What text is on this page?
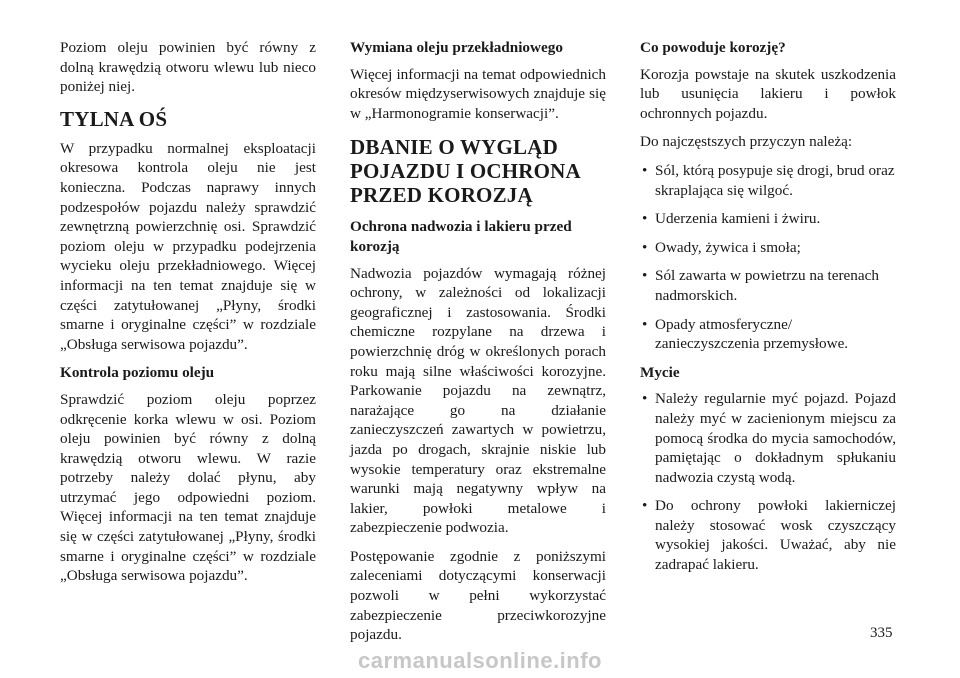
Poziom oleju powinien być równy z dolną krawędzią otworu wlewu lub nieco poniżej niej.

TYLNA OŚ

W przypadku normalnej eksploatacji okresowa kontrola oleju nie jest konieczna. Podczas naprawy innych podzespołów pojazdu należy sprawdzić zewnętrzną powierzchnię osi. Sprawdzić poziom oleju w przypadku podejrzenia wycieku oleju przekładniowego. Więcej informacji na ten temat znajduje się w części zatytułowanej „Płyny, środki smarne i oryginalne części” w rozdziale „Obsługa serwisowa pojazdu”.

Kontrola poziomu oleju

Sprawdzić poziom oleju poprzez odkręcenie korka wlewu w osi. Poziom oleju powinien być równy z dolną krawędzią otworu wlewu. W razie potrzeby należy dolać płynu, aby utrzymać jego odpowiedni poziom. Więcej informacji na ten temat znajduje się w części zatytułowanej „Płyny, środki smarne i oryginalne części” w rozdziale „Obsługa serwisowa pojazdu”.

Wymiana oleju przekładniowego

Więcej informacji na temat odpowiednich okresów międzyserwisowych znajduje się w „Harmonogramie konserwacji”.

DBANIE O WYGLĄD POJAZDU I OCHRONA PRZED KOROZJĄ
Ochrona nadwozia i lakieru przed korozją

Nadwozia pojazdów wymagają różnej ochrony, w zależności od lokalizacji geograficznej i zastosowania. Środki chemiczne rozpylane na drzewa i powierzchnię dróg w określonych porach roku mają silne właściwości korozyjne. Parkowanie pojazdu na zewnątrz, narażające go na działanie zanieczyszczeń zawartych w powietrzu, jazda po drogach, skrajnie niskie lub wysokie temperatury oraz ekstremalne warunki mają negatywny wpływ na lakier, powłoki metalowe i zabezpieczenie podwozia.

Postępowanie zgodnie z poniższymi zaleceniami dotyczącymi konserwacji pozwoli w pełni wykorzystać zabezpieczenie przeciwkorozyjne pojazdu.

Co powoduje korozję?

Korozja powstaje na skutek uszkodzenia lub usunięcia lakieru i powłok ochronnych pojazdu.

Do najczęstszych przyczyn należą:

• Sól, którą posypuje się drogi, brud oraz skraplająca się wilgoć.
• Uderzenia kamieni i żwiru.
• Owady, żywica i smoła;
• Sól zawarta w powietrzu na terenach nadmorskich.
• Opady atmosferyczne/ zanieczyszczenia przemysłowe.
Mycie
• Należy regularnie myć pojazd. Pojazd należy myć w zacienionym miejscu za pomocą środka do mycia samochodów, pamiętając o dokładnym spłukaniu nadwozia czystą wodą.
• Do ochrony powłoki lakierniczej należy stosować wosk czyszczący wysokiej jakości. Uważać, aby nie zadrapać lakieru.
335
carmanualsonline.info
